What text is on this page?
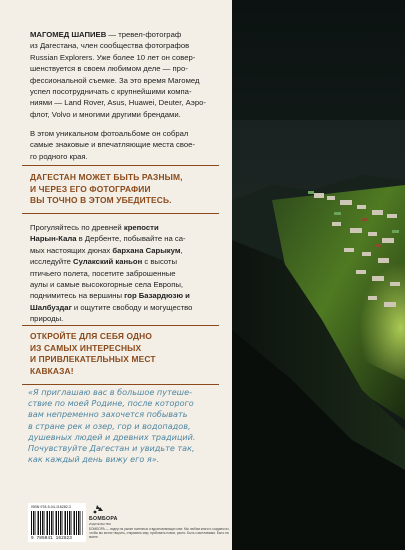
МАГОМЕД ШАПИЕВ — тревел-фотограф
из Дагестана, член сообщества фотографов
Russian Explorers. Уже более 10 лет он совер-
шенствуется в своем любимом деле — про-
фессиональной съемке. За это время Магомед
успел посотрудничать с крупнейшими компа-
ниями — Land Rover, Asus, Huawei, Deuter, Аэро-
флот, Volvo и многими другими брендами.
В этом уникальном фотоальбоме он собрал
самые знаковые и впечатляющие места свое-
го родного края.
ДАГЕСТАН МОЖЕТ БЫТЬ РАЗНЫМ,
И ЧЕРЕЗ ЕГО ФОТОГРАФИИ
ВЫ ТОЧНО В ЭТОМ УБЕДИТЕСЬ.
Прогуляйтесь по древней крепости
Нарын-Кала в Дербенте, побывайте на са-
мых настоящих дюнах бархана Сарыкум,
исследуйте Сулакский каньон с высоты
птичьего полета, посетите заброшенные
аулы и самые высокогорные села Европы,
поднимитесь на вершины гор Базардюзю и
Шалбуздаг и ощутите свободу и могущество
природы.
ОТКРОЙТЕ ДЛЯ СЕБЯ ОДНО
ИЗ САМЫХ ИНТЕРЕСНЫХ
И ПРИВЛЕКАТЕЛЬНЫХ МЕСТ
КАВКАЗА!
«Я приглашаю вас в большое путеше-
ствие по моей Родине, после которого
вам непременно захочется побывать
в стране рек и озер, гор и водопадов,
душевных людей и древних традиций.
Почувствуйте Дагестан и увидьте так,
как каждый день вижу его я».
ISBN 978-5-04-116282-3
9 785041 162823
БОМБОРА
ИЗДАТЕЛЬСТВО
БОМБОРА — лидер на рынке полезных и вдохновляющих книг. Мы любим книги и создаем их, чтобы вы могли творить, открывать мир, пробовать новое, расти. Быть счастливыми. Быть на волне.
